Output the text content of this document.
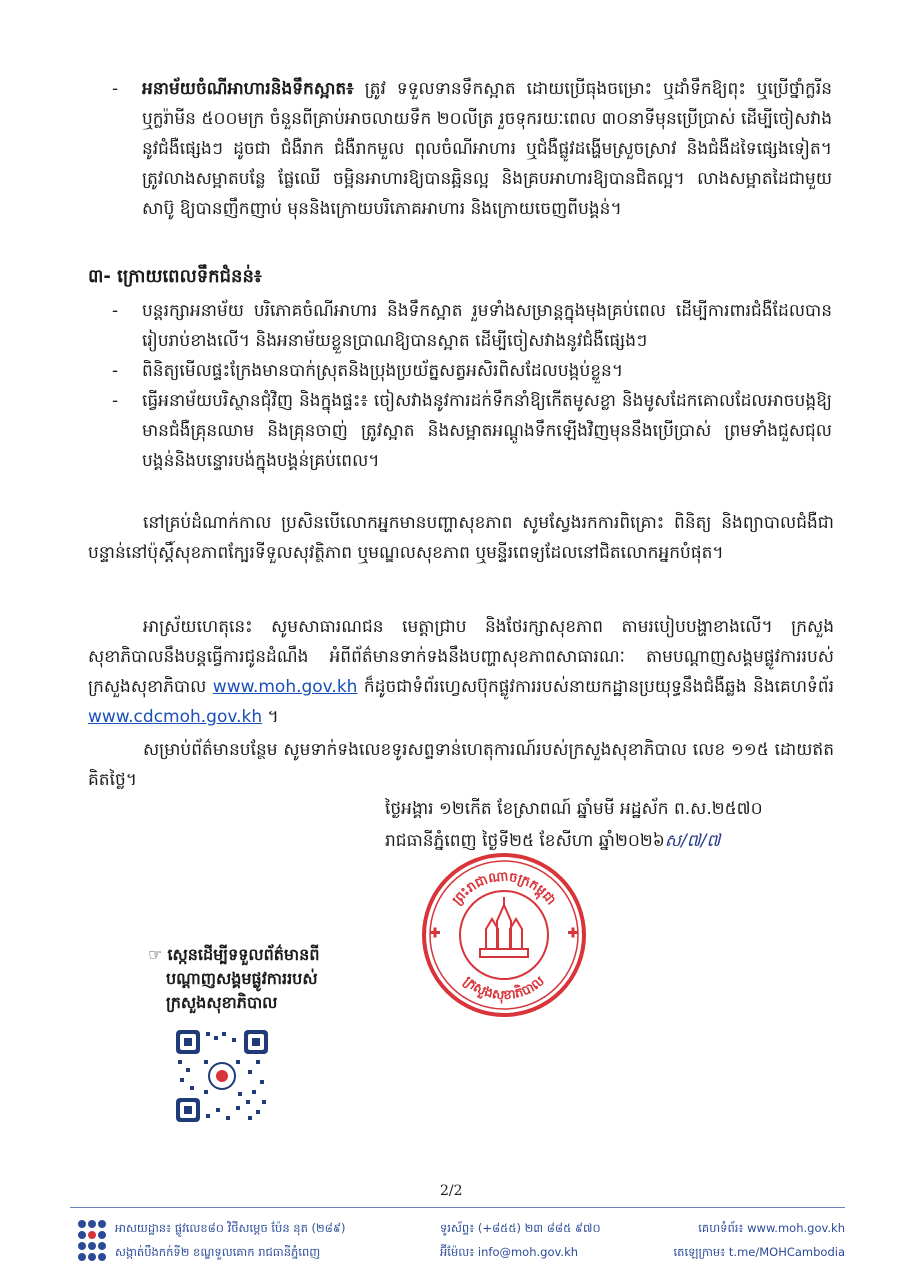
-	អនាម័យចំណីអាហារនិងទឹកស្អាត៖ ត្រូវ ទទួលទានទឹកស្អាត ដោយប្រើធុងចម្រោះ ឬដាំទឹកឱ្យពុះ ឬប្រើថ្នាំក្លរីន ឬក្លរ៉ាមីន ៥០០មក្រ ចំនួនពីគ្រាប់អាចលាយទឹក ២០លីត្រ រួចទុករយៈពេល ៣០នាទីមុនប្រើប្រាស់ ដើម្បីចៀសវាង នូវជំងឺផ្សេងៗ ដូចជា ជំងឺរាក ជំងឺរាកមួល ពុលចំណីអាហារ ឬជំងឺផ្លូវដង្ហើមស្រួចស្រាវ និងជំងឺដទៃផ្សេងទៀត។ ត្រូវលាងសម្អាតបន្លែ ផ្លែឈើ ចម្អិនអាហារឱ្យបានឆ្អិនល្អ និងគ្របអាហារឱ្យបានជិតល្អ។ លាងសម្អាតដៃជាមួយសាប៊ូ ឱ្យបានញឹកញាប់ មុននិងក្រោយបរិភោគអាហារ និងក្រោយចេញពីបង្គន់។
៣- ក្រោយពេលទឹកជំនន់៖
-	បន្តរក្សាអនាម័យ បរិភោគចំណីអាហារ និងទឹកស្អាត រួមទាំងសម្រាន្តក្នុងមុងគ្រប់ពេល ដើម្បីការពារជំងឺដែលបានរៀបរាប់ខាងលើ។ និងអនាម័យខ្លួនប្រាណឱ្យបានស្អាត ដើម្បីចៀសវាងនូវជំងឺផ្សេងៗ
-	ពិនិត្យមើលផ្ទះក្រែងមានបាក់ស្រុតនិងប្រុងប្រយ័ត្នសត្វអសិរពិសដែលបង្កប់ខ្លួន។
-	ធ្វើអនាម័យបរិស្ថានជុំវិញ និងក្នុងផ្ទះ៖ ចៀសវាងនូវការដក់ទឹកនាំឱ្យកើតមូសខ្លា និងមូសដែកគោលដែលអាចបង្កឱ្យមានជំងឺគ្រុនឈាម និងគ្រុនចាញ់ ត្រូវស្អាត និងសម្អាតអណ្តូងទឹកឡើងវិញមុននឹងប្រើប្រាស់ ព្រមទាំងជួសជុលបង្គន់និងបន្ទោរបង់ក្នុងបង្គន់គ្រប់ពេល។
នៅគ្រប់ដំណាក់កាល ប្រសិនបើលោកអ្នកមានបញ្ហាសុខភាព សូមស្វែងរកការពិគ្រោះ ពិនិត្យ និងព្យាបាលជំងឺជាបន្ទាន់នៅប៉ុស្តិ៍សុខភាពក្បែរទីទួលសុវត្ថិភាព ឬមណ្ឌលសុខភាព ឬមន្ទីរពេទ្យដែលនៅជិតលោកអ្នកបំផុត។
អាស្រ័យហេតុនេះ សូមសាធារណជន មេត្តាជ្រាប និងថែរក្សាសុខភាព តាមរបៀបបង្ហាខាងលើ។ ក្រសួងសុខាភិបាលនឹងបន្តធ្វើការជូនដំណឹង អំពីព័ត៌មានទាក់ទងនឹងបញ្ហាសុខភាពសាធារណៈ តាមបណ្តាញសង្គមផ្លូវការរបស់ក្រសួងសុខាភិបាល www.moh.gov.kh ក៏ដូចជាទំព័រហ្វេសប៊ុកផ្លូវការរបស់នាយកដ្ឋានប្រយុទ្ធនឹងជំងឺឆ្លង និងគេហទំព័រ www.cdcmoh.gov.kh ។
សម្រាប់ព័ត៌មានបន្ថែម សូមទាក់ទងលេខទូរសព្ទទាន់ហេតុការណ៍របស់ក្រសួងសុខាភិបាល លេខ ១១៥ ដោយឥតគិតថ្លៃ។
ថ្ងៃអង្គារ ១២កើត ខែស្រាពណ៍ ឆ្នាំមមី អដ្ឋស័ក ព.ស.២៥៧០
រាជធានីភ្នំពេញ ថ្ងៃទី២៥ ខែសីហា ឆ្នាំ២០២៦ស/៧/៧
ព្រះរាជាណាចក្រកម្ពុជា
ក្រសួងសុខាភិបាល
☞ ស្កេនដើម្បីទទួលព័ត៌មានពី
បណ្តាញសង្គមផ្លូវការរបស់
ក្រសួងសុខាភិបាល
2/2
អាសយដ្ឋាន៖ ផ្លូវលេខ៨០ វិថីសម្តេច ប៉ែន នុត (២៨៩)
សង្កាត់បឹងកក់ទី២ ខណ្ឌទួលគោក រាជធានីភ្នំពេញ
ទូរស័ព្ទ៖ (+៨៥៥) ២៣ ៨៨៥ ៩៧០
អ៊ីម៉ែល៖ info@moh.gov.kh
គេហទំព័រ៖ www.moh.gov.kh
តេឡេក្រាម៖ t.me/MOHCambodia
